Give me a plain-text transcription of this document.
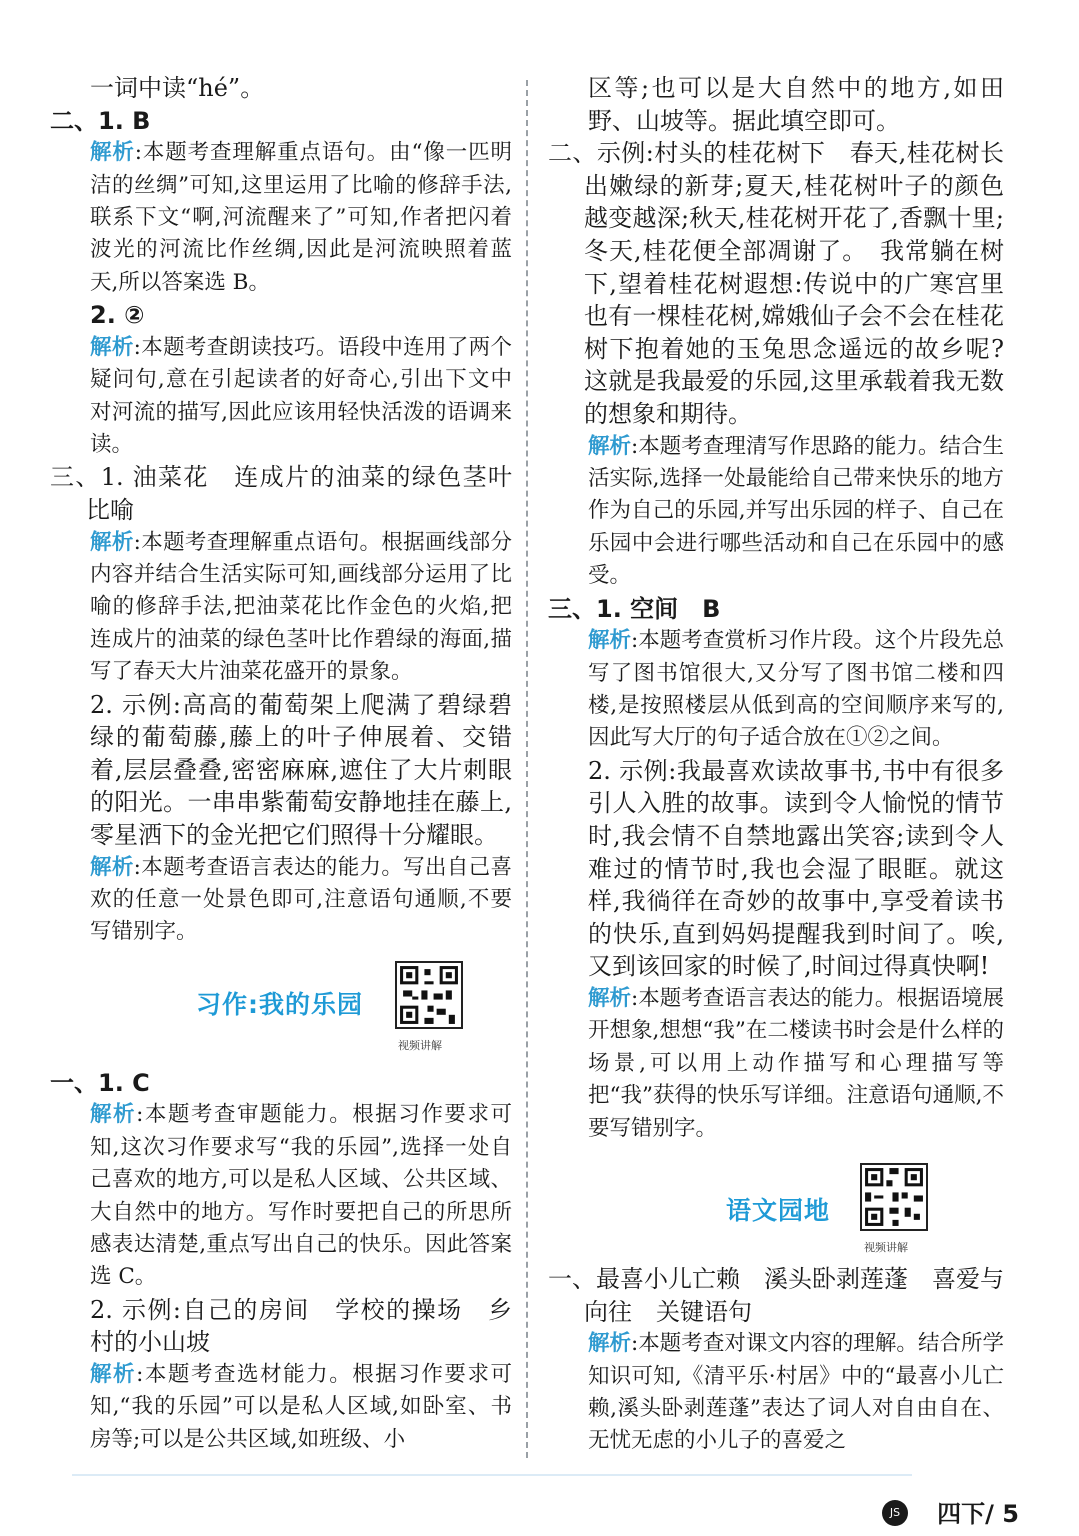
一词中读“hé”。
二、1. B
解析:本题考查理解重点语句。由“像一匹明洁的丝绸”可知,这里运用了比喻的修辞手法,联系下文“啊,河流醒来了”可知,作者把闪着波光的河流比作丝绸,因此是河流映照着蓝天,所以答案选 B。
2. ②
解析:本题考查朗读技巧。语段中连用了两个疑问句,意在引起读者的好奇心,引出下文中对河流的描写,因此应该用轻快活泼的语调来读。
三、1. 油菜花　连成片的油菜的绿色茎叶比喻
解析:本题考查理解重点语句。根据画线部分内容并结合生活实际可知,画线部分运用了比喻的修辞手法,把油菜花比作金色的火焰,把连成片的油菜的绿色茎叶比作碧绿的海面,描写了春天大片油菜花盛开的景象。
2. 示例:高高的葡萄架上爬满了碧绿碧绿的葡萄藤,藤上的叶子伸展着、交错着,层层叠叠,密密麻麻,遮住了大片刺眼的阳光。一串串紫葡萄安静地挂在藤上,零星洒下的金光把它们照得十分耀眼。
解析:本题考查语言表达的能力。写出自己喜欢的任意一处景色即可,注意语句通顺,不要写错别字。
习作:我的乐园
视频讲解
一、1. C
解析:本题考查审题能力。根据习作要求可知,这次习作要求写“我的乐园”,选择一处自己喜欢的地方,可以是私人区域、公共区域、大自然中的地方。写作时要把自己的所思所感表达清楚,重点写出自己的快乐。因此答案选 C。
2. 示例:自己的房间　学校的操场　乡村的小山坡
解析:本题考查选材能力。根据习作要求可知,“我的乐园”可以是私人区域,如卧室、书房等;可以是公共区域,如班级、小
区等;也可以是大自然中的地方,如田野、山坡等。据此填空即可。
二、示例:村头的桂花树下　春天,桂花树长出嫩绿的新芽;夏天,桂花树叶子的颜色越变越深;秋天,桂花树开花了,香飘十里;冬天,桂花便全部凋谢了。　我常躺在树下,望着桂花树遐想:传说中的广寒宫里也有一棵桂花树,嫦娥仙子会不会在桂花树下抱着她的玉兔思念遥远的故乡呢?　这就是我最爱的乐园,这里承载着我无数的想象和期待。
解析:本题考查理清写作思路的能力。结合生活实际,选择一处最能给自己带来快乐的地方作为自己的乐园,并写出乐园的样子、自己在乐园中会进行哪些活动和自己在乐园中的感受。
三、1. 空间　B
解析:本题考查赏析习作片段。这个片段先总写了图书馆很大,又分写了图书馆二楼和四楼,是按照楼层从低到高的空间顺序来写的,因此写大厅的句子适合放在①②之间。
2. 示例:我最喜欢读故事书,书中有很多引人入胜的故事。读到令人愉悦的情节时,我会情不自禁地露出笑容;读到令人难过的情节时,我也会湿了眼眶。就这样,我徜徉在奇妙的故事中,享受着读书的快乐,直到妈妈提醒我到时间了。唉,又到该回家的时候了,时间过得真快啊!
解析:本题考查语言表达的能力。根据语境展开想象,想想“我”在二楼读书时会是什么样的场景,可以用上动作描写和心理描写等把“我”获得的快乐写详细。注意语句通顺,不要写错别字。
语文园地
视频讲解
一、最喜小儿亡赖　溪头卧剥莲蓬　喜爱与向往　关键语句
解析:本题考查对课文内容的理解。结合所学知识可知,《清平乐·村居》中的“最喜小儿亡赖,溪头卧剥莲蓬”表达了词人对自由自在、无忧无虑的小儿子的喜爱之
JS	四下/ 5
